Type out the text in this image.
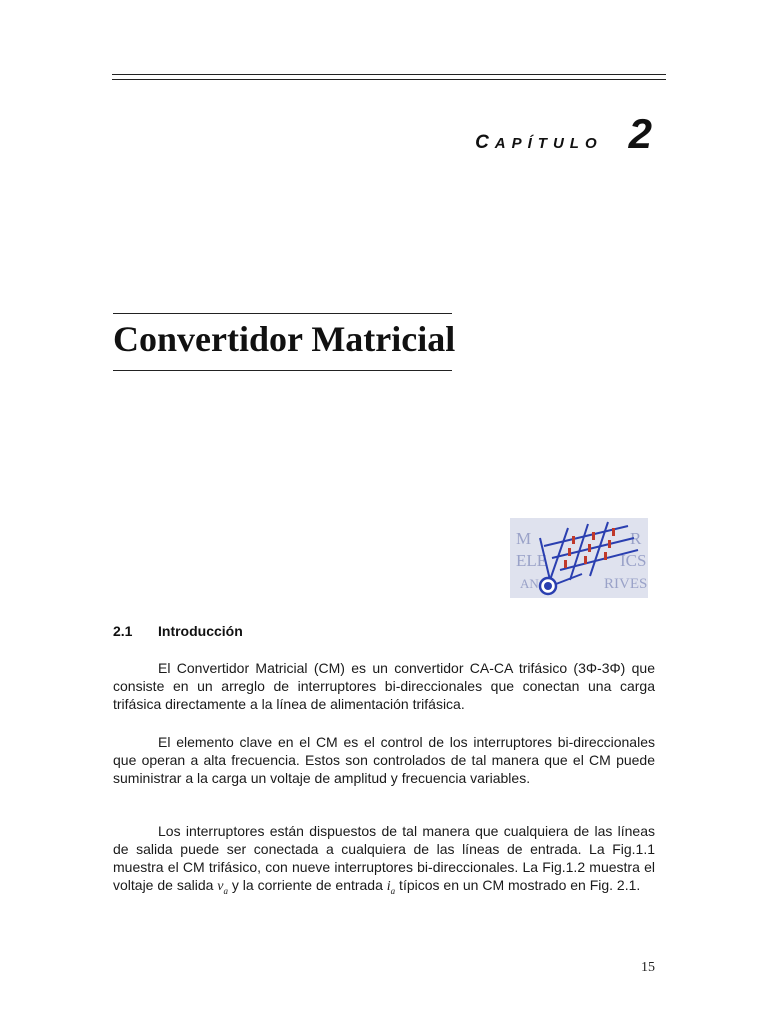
CAPÍTULO 2
Convertidor Matricial
M	R
ELE	ICS
AN	RIVES
2.1 Introducción

El Convertidor Matricial (CM) es un convertidor CA-CA trifásico (3Φ-3Φ) que consiste en un arreglo de interruptores bi-direccionales que conectan una carga trifásica directamente a la línea de alimentación trifásica.

El elemento clave en el CM es el control de los interruptores bi-direccionales que operan a alta frecuencia. Estos son controlados de tal manera que el CM puede suministrar a la carga un voltaje de amplitud y frecuencia variables.

Los interruptores están dispuestos de tal manera que cualquiera de las líneas de salida puede ser conectada a cualquiera de las líneas de entrada. La Fig.1.1 muestra el CM trifásico, con nueve interruptores bi-direccionales. La Fig.1.2 muestra el voltaje de salida $v_a$ y la corriente de entrada $i_a$ típicos en un CM mostrado en Fig. 2.1.

15
